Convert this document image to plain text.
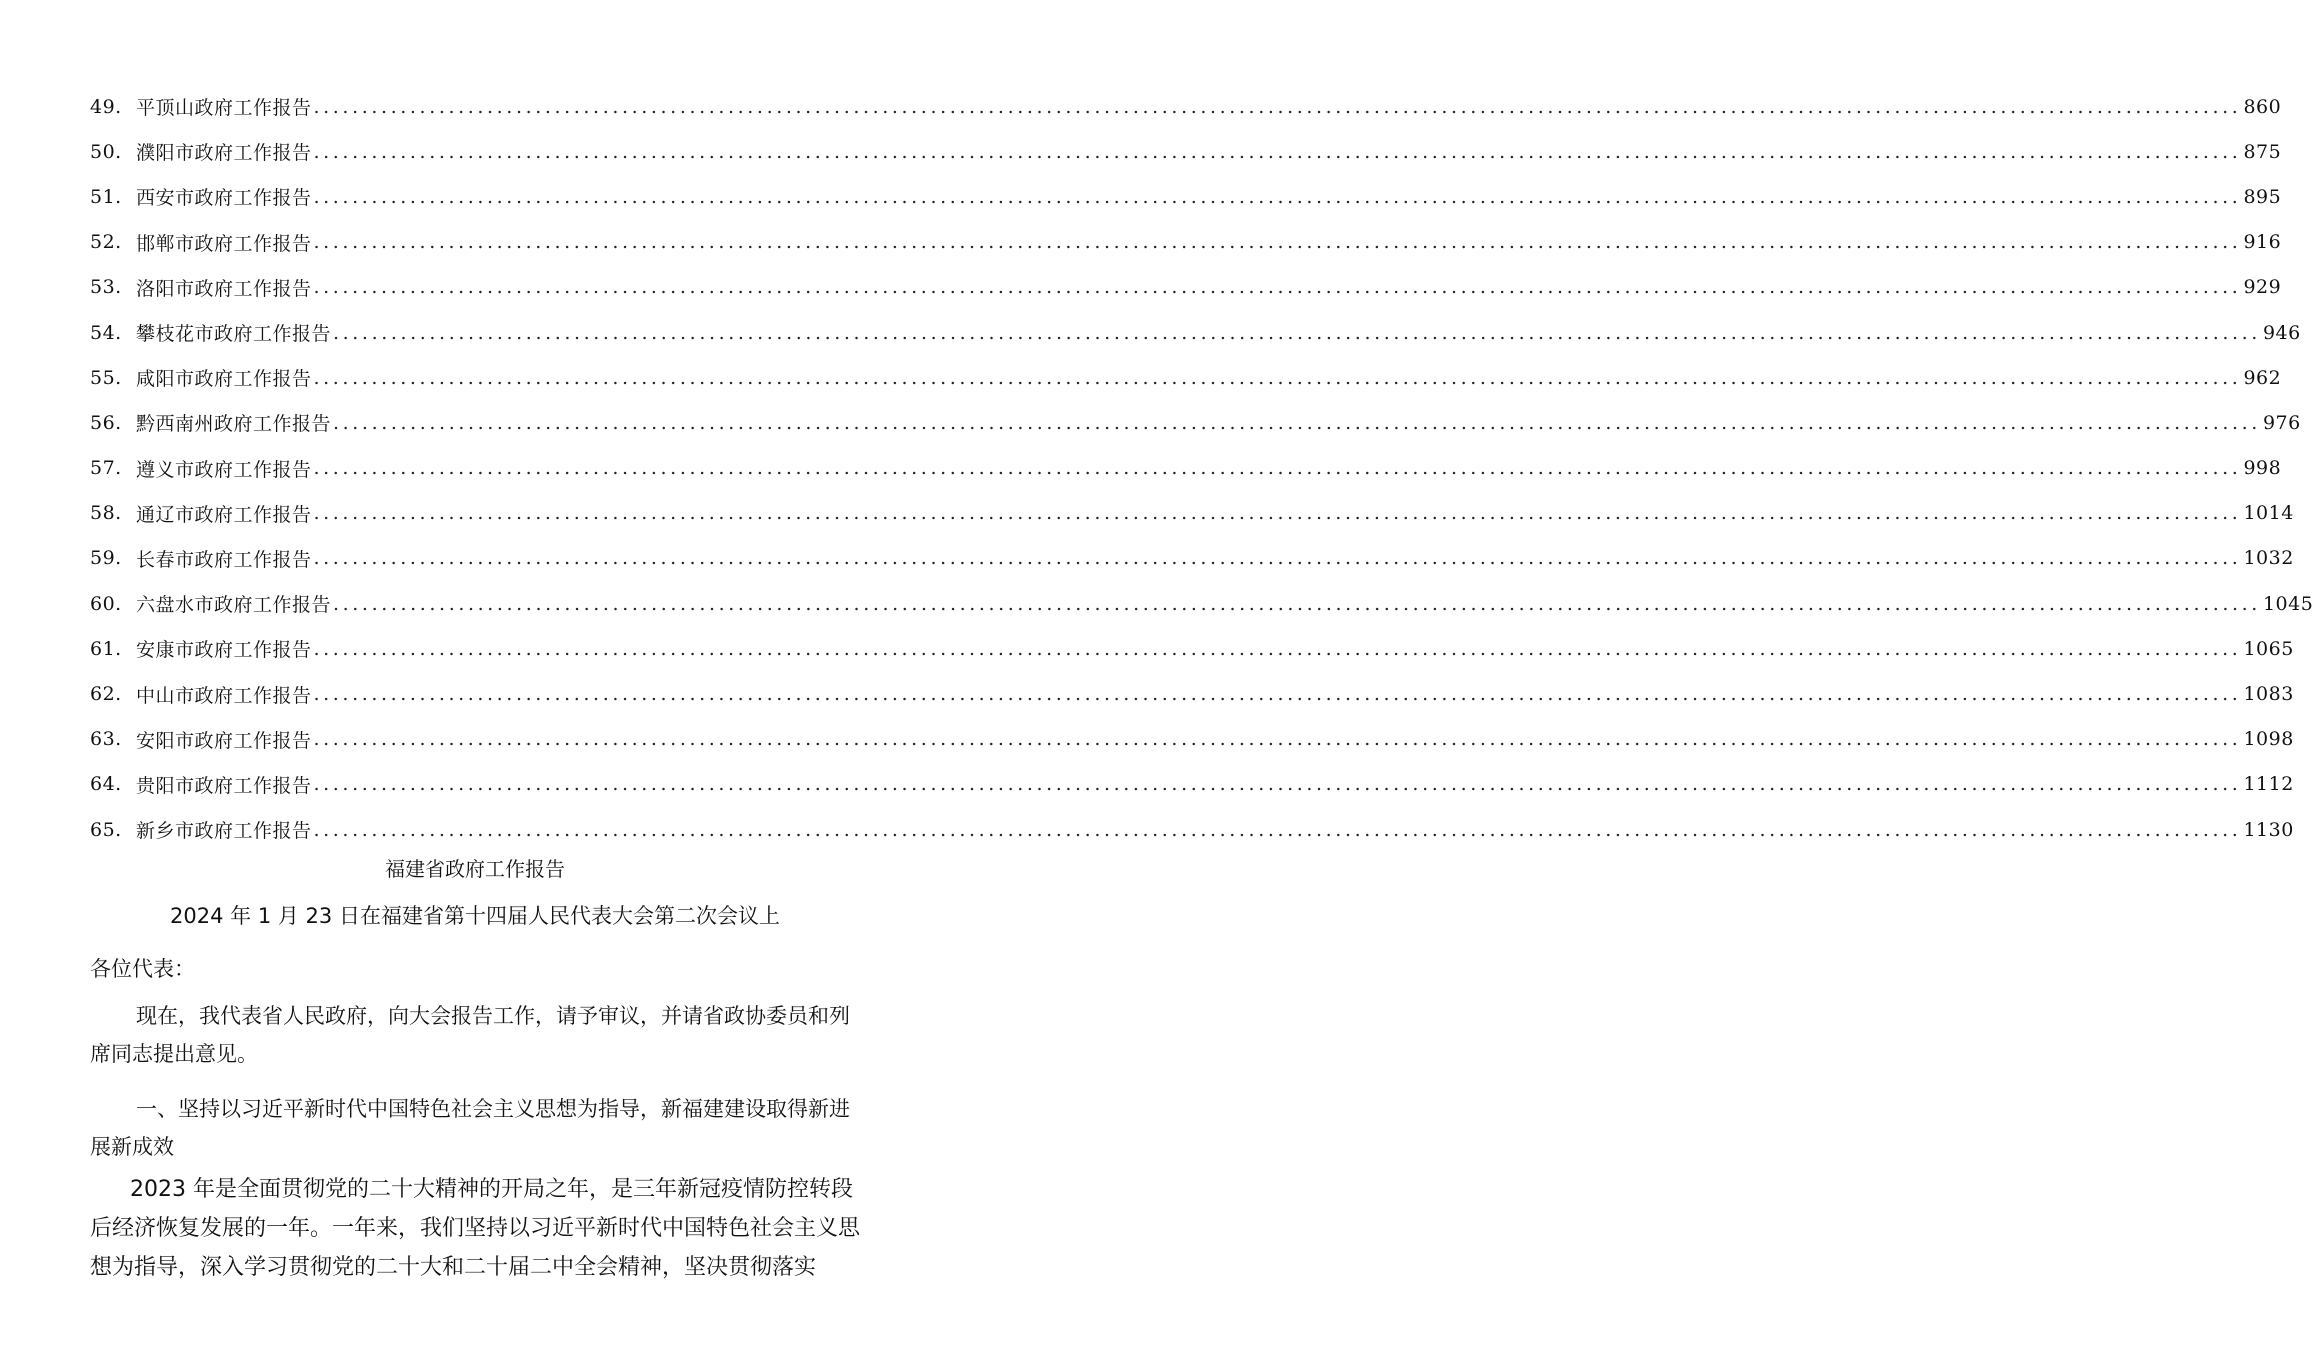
49. 平顶山政府工作报告 ........................................................................................................................................................................................................ 860
50. 濮阳市政府工作报告 ........................................................................................................................................................................................................ 875
51. 西安市政府工作报告 ........................................................................................................................................................................................................ 895
52. 邯郸市政府工作报告 ........................................................................................................................................................................................................ 916
53. 洛阳市政府工作报告 ........................................................................................................................................................................................................ 929
54. 攀枝花市政府工作报告 ........................................................................................................................................................................................................ 946
55. 咸阳市政府工作报告 ........................................................................................................................................................................................................ 962
56. 黔西南州政府工作报告 ........................................................................................................................................................................................................ 976
57. 遵义市政府工作报告 ........................................................................................................................................................................................................ 998
58. 通辽市政府工作报告 ........................................................................................................................................................................................................ 1014
59. 长春市政府工作报告 ........................................................................................................................................................................................................ 1032
60. 六盘水市政府工作报告 ........................................................................................................................................................................................................ 1045
61. 安康市政府工作报告 ........................................................................................................................................................................................................ 1065
62. 中山市政府工作报告 ........................................................................................................................................................................................................ 1083
63. 安阳市政府工作报告 ........................................................................................................................................................................................................ 1098
64. 贵阳市政府工作报告 ........................................................................................................................................................................................................ 1112
65. 新乡市政府工作报告 ........................................................................................................................................................................................................ 1130
福建省政府工作报告
2024 年 1 月 23 日在福建省第十四届人民代表大会第二次会议上

各位代表：

现在，我代表省人民政府，向大会报告工作，请予审议，并请省政协委员和列席同志提出意见。

一、坚持以习近平新时代中国特色社会主义思想为指导，新福建建设取得新进展新成效

2023 年是全面贯彻党的二十大精神的开局之年，是三年新冠疫情防控转段后经济恢复发展的一年。一年来，我们坚持以习近平新时代中国特色社会主义思想为指导，深入学习贯彻党的二十大和二十届二中全会精神，坚决贯彻落实
